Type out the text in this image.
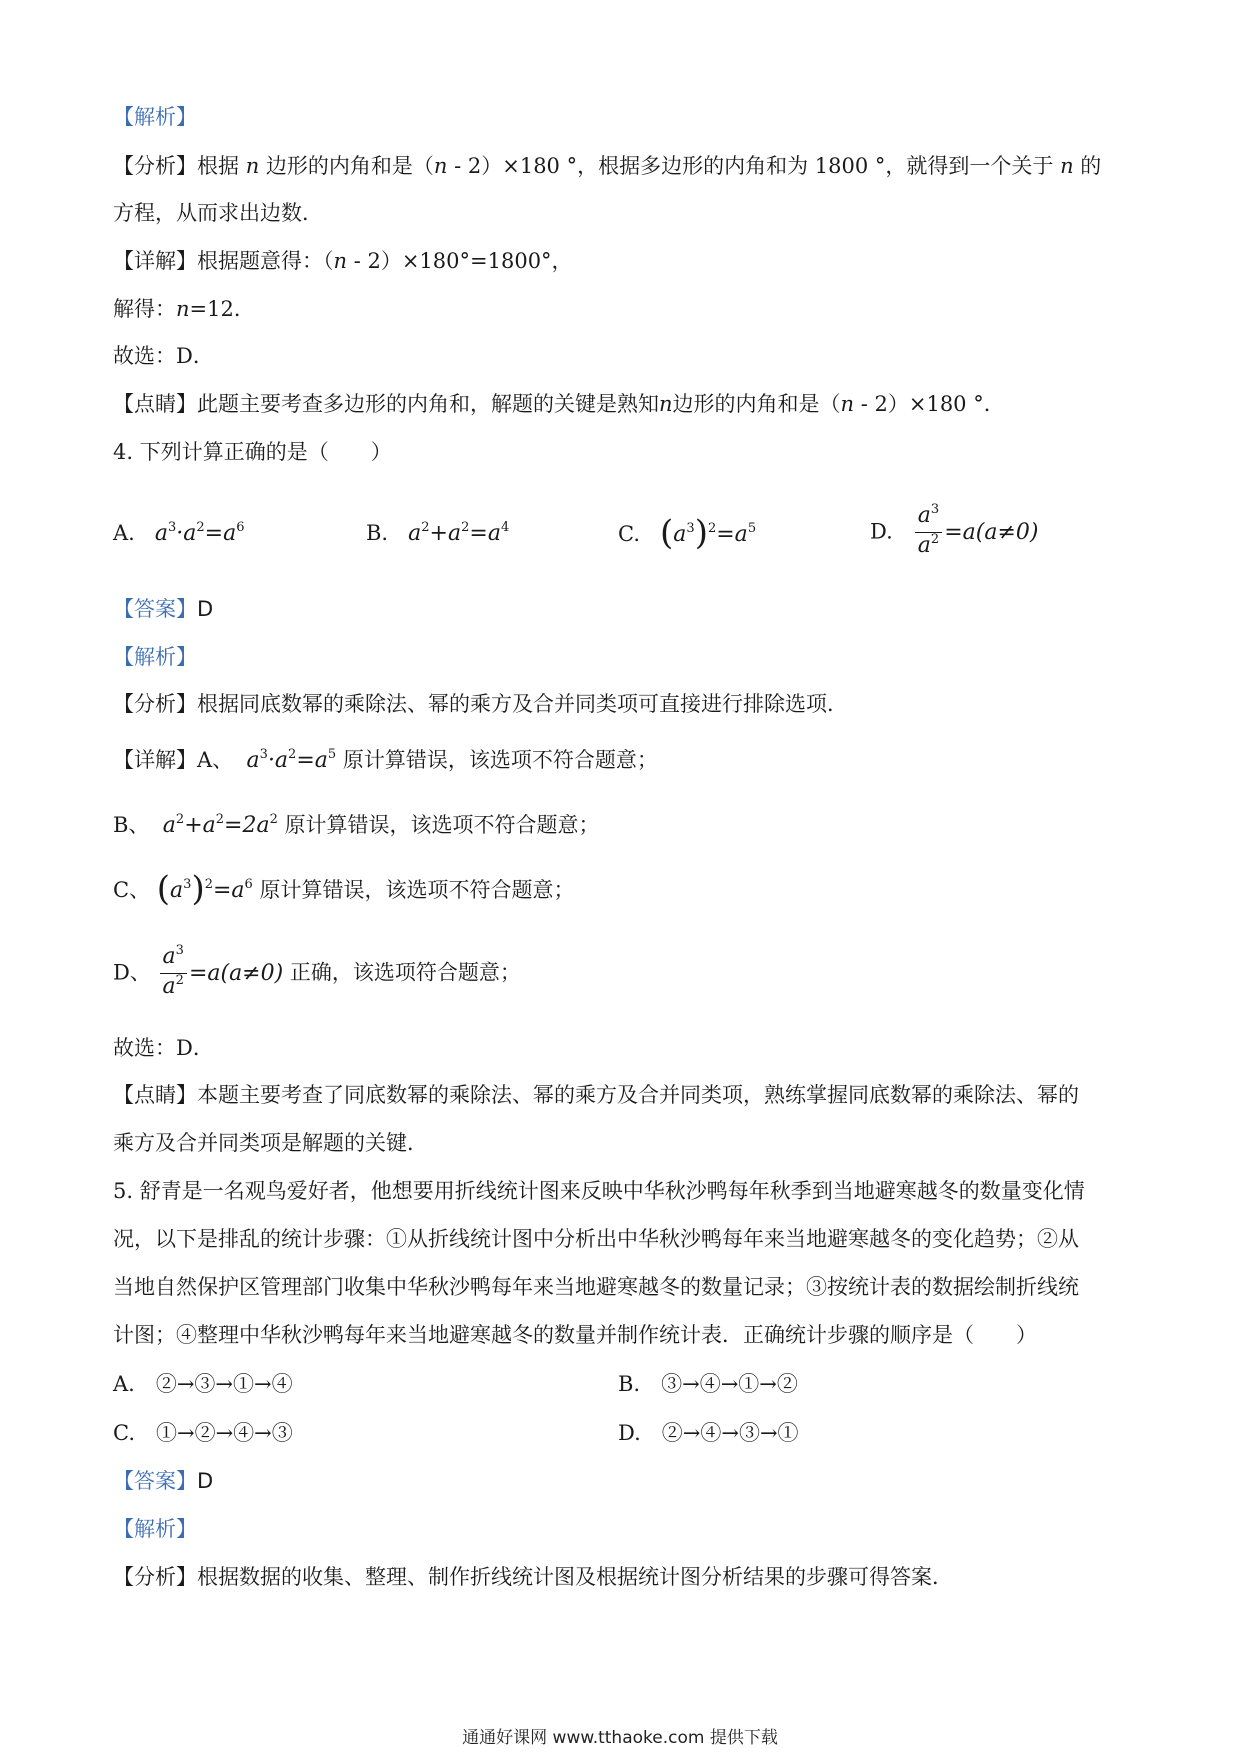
【解析】
【分析】根据 n 边形的内角和是（n - 2）×180 °，根据多边形的内角和为 1800 °，就得到一个关于 n 的
方程，从而求出边数．
【详解】根据题意得：（n - 2）×180°=1800°，
解得：n=12．
故选：D．
【点睛】此题主要考查多边形的内角和，解题的关键是熟知n边形的内角和是（n - 2）×180 °．
4. 下列计算正确的是（　　）
A. $a^3\cdot a^2=a^6$	B. $a^2+a^2=a^4$	C. $(a^3)^2=a^5$	D. $\frac{a^3}{a^2} =a(a\ne 0)$
【答案】D
【解析】
【分析】根据同底数幂的乘除法、幂的乘方及合并同类项可直接进行排除选项．
【详解】A、 $a^3\cdot a^2=a^5$ 原计算错误，该选项不符合题意；
B、 $a^2+a^2=2a^2$ 原计算错误，该选项不符合题意；
C、 $(a^3)^2=a^6$ 原计算错误，该选项不符合题意；
D、 $\frac{a^3}{a^2} =a(a\ne 0)$ 正确，该选项符合题意；
故选：D．
【点睛】本题主要考查了同底数幂的乘除法、幂的乘方及合并同类项，熟练掌握同底数幂的乘除法、幂的
乘方及合并同类项是解题的关键．
5. 舒青是一名观鸟爱好者，他想要用折线统计图来反映中华秋沙鸭每年秋季到当地避寒越冬的数量变化情
况，以下是排乱的统计步骤：①从折线统计图中分析出中华秋沙鸭每年来当地避寒越冬的变化趋势；②从
当地自然保护区管理部门收集中华秋沙鸭每年来当地避寒越冬的数量记录；③按统计表的数据绘制折线统
计图；④整理中华秋沙鸭每年来当地避寒越冬的数量并制作统计表．正确统计步骤的顺序是（　　）
A.　②→③→①→④	B.　③→④→①→②
C.　①→②→④→③	D.　②→④→③→①
【答案】D
【解析】
【分析】根据数据的收集、整理、制作折线统计图及根据统计图分析结果的步骤可得答案．
通通好课网 www.tthaoke.com 提供下载
